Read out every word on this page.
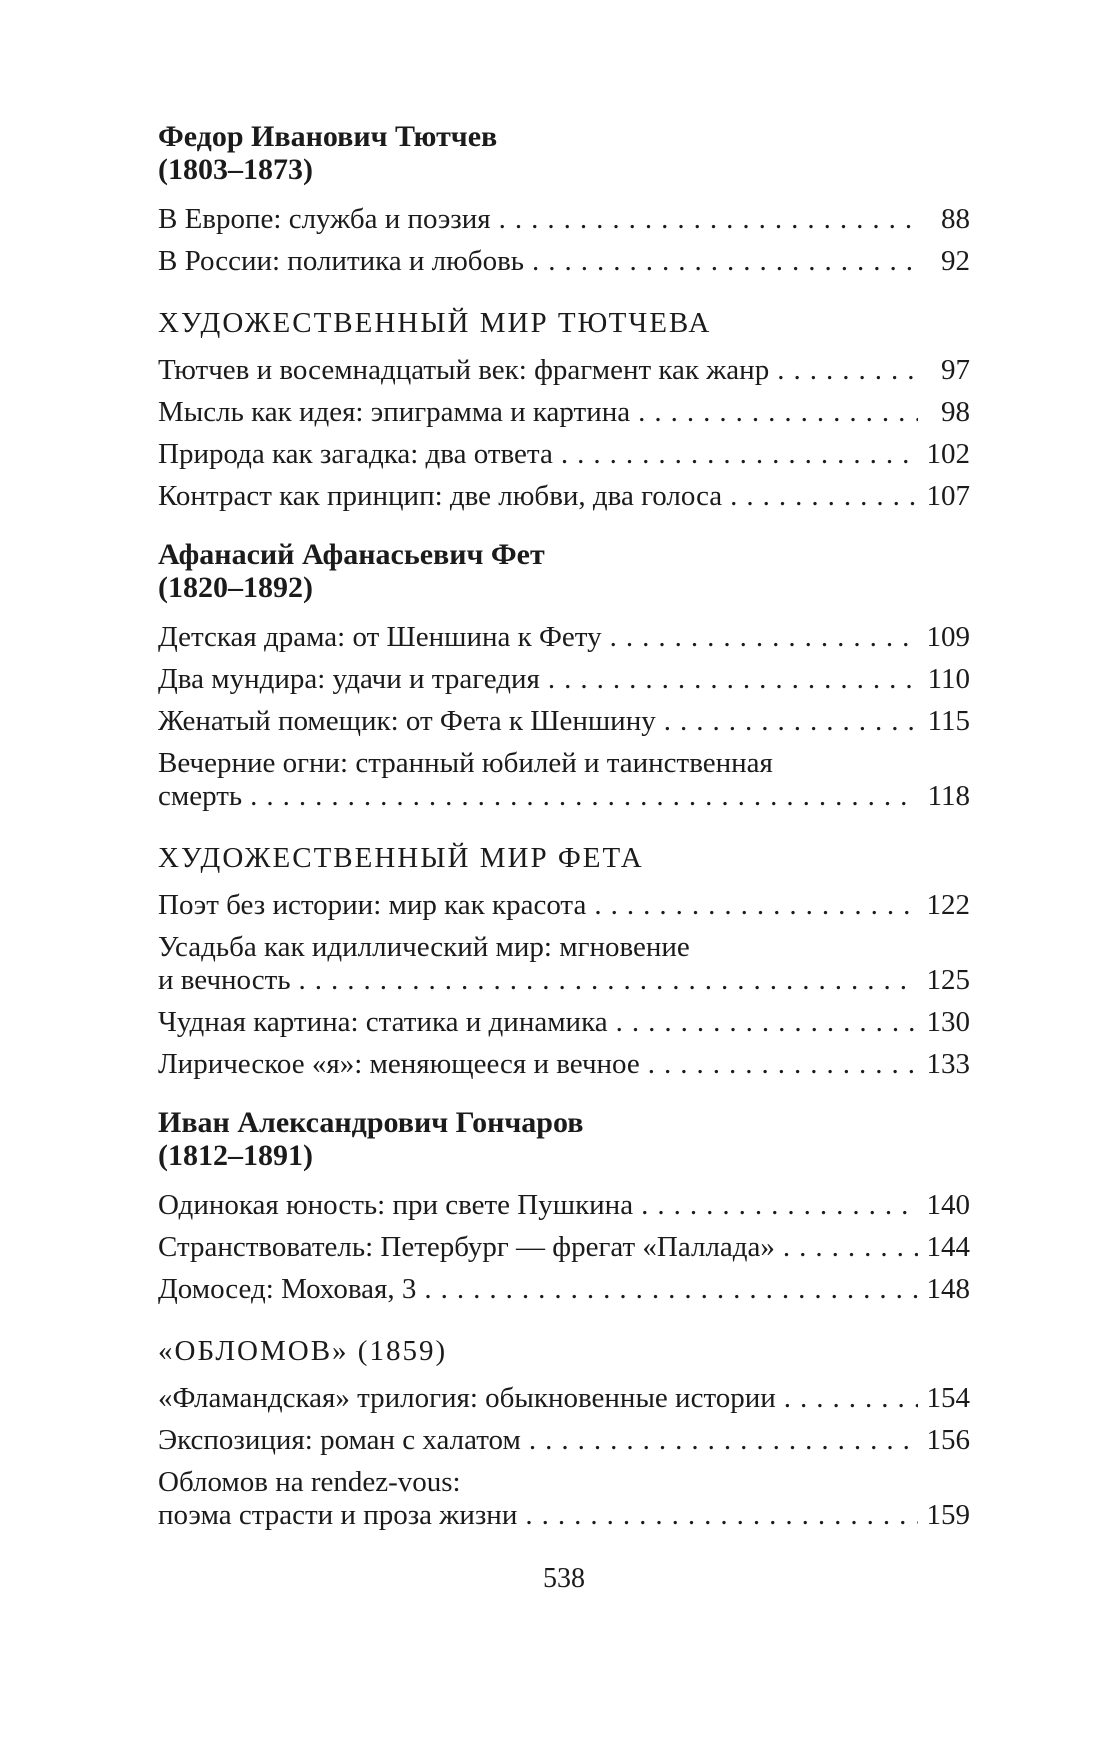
Федор Иванович Тютчев
(1803–1873)
В Европе: служба и поэзия .....	88
В России: политика и любовь .....	92
ХУДОЖЕСТВЕННЫЙ МИР ТЮТЧЕВА
Тютчев и восемнадцатый век: фрагмент как жанр .....	97
Мысль как идея: эпиграмма и картина .....	98
Природа как загадка: два ответа .....	102
Контраст как принцип: две любви, два голоса .....	107
Афанасий Афанасьевич Фет
(1820–1892)
Детская драма: от Шеншина к Фету .....	109
Два мундира: удачи и трагедия .....	110
Женатый помещик: от Фета к Шеншину .....	115
Вечерние огни: странный юбилей и таинственная
смерть .....	118
ХУДОЖЕСТВЕННЫЙ МИР ФЕТА
Поэт без истории: мир как красота .....	122
Усадьба как идиллический мир: мгновение
и вечность .....	125
Чудная картина: статика и динамика .....	130
Лирическое «я»: меняющееся и вечное .....	133
Иван Александрович Гончаров
(1812–1891)
Одинокая юность: при свете Пушкина .....	140
Странствователь: Петербург — фрегат «Паллада» .....	144
Домосед: Моховая, 3 .....	148
«ОБЛОМОВ» (1859)
«Фламандская» трилогия: обыкновенные истории .....	154
Экспозиция: роман с халатом .....	156
Обломов на rendez-vous:
поэма страсти и проза жизни .....	159
538
